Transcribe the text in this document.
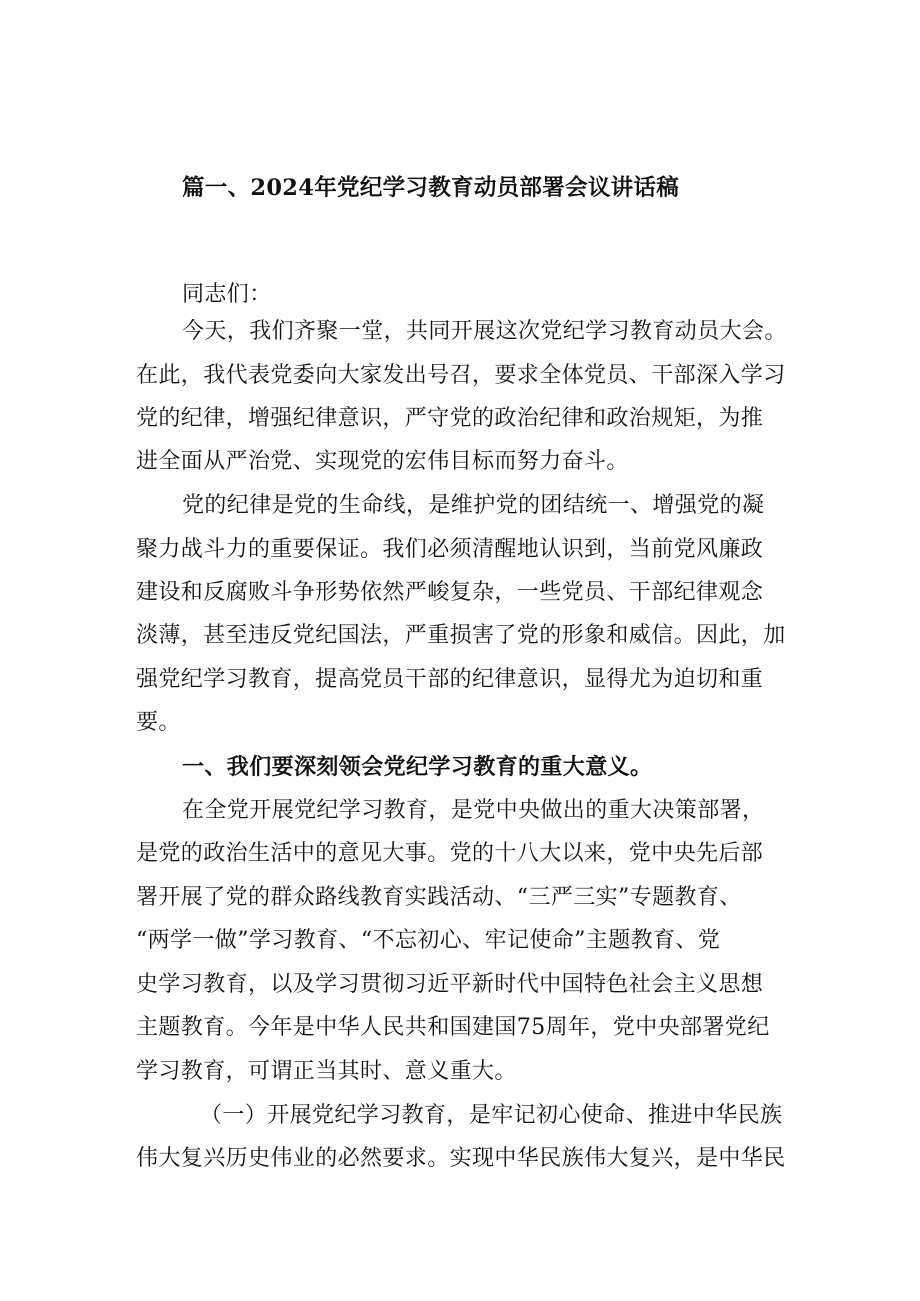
篇一、2024年党纪学习教育动员部署会议讲话稿
同志们：
今天，我们齐聚一堂，共同开展这次党纪学习教育动员大会。
在此，我代表党委向大家发出号召，要求全体党员、干部深入学习
党的纪律，增强纪律意识，严守党的政治纪律和政治规矩，为推
进全面从严治党、实现党的宏伟目标而努力奋斗。
党的纪律是党的生命线，是维护党的团结统一、增强党的凝
聚力战斗力的重要保证。我们必须清醒地认识到，当前党风廉政
建设和反腐败斗争形势依然严峻复杂，一些党员、干部纪律观念
淡薄，甚至违反党纪国法，严重损害了党的形象和威信。因此，加
强党纪学习教育，提高党员干部的纪律意识，显得尤为迫切和重
要。
一、我们要深刻领会党纪学习教育的重大意义。
在全党开展党纪学习教育，是党中央做出的重大决策部署，
是党的政治生活中的意见大事。党的十八大以来，党中央先后部
署开展了党的群众路线教育实践活动、“三严三实”专题教育、
“两学一做”学习教育、“不忘初心、牢记使命”主题教育、党
史学习教育，以及学习贯彻习近平新时代中国特色社会主义思想
主题教育。今年是中华人民共和国建国75周年，党中央部署党纪
学习教育，可谓正当其时、意义重大。
（一）开展党纪学习教育，是牢记初心使命、推进中华民族
伟大复兴历史伟业的必然要求。实现中华民族伟大复兴，是中华民
